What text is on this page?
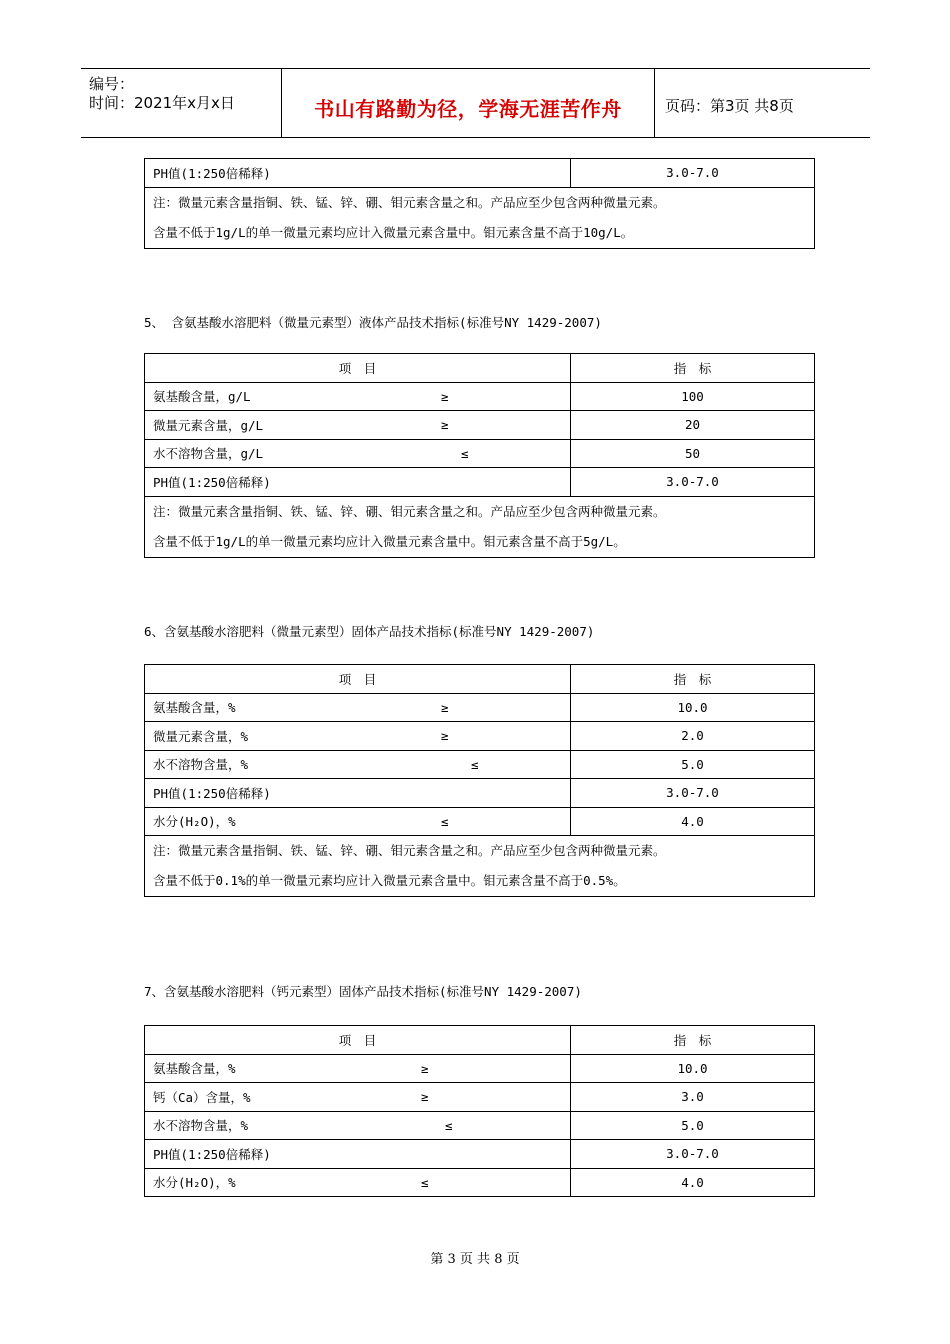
编号：
时间：2021年x月x日	书山有路勤为径，学海无涯苦作舟	页码：第3页 共8页
PH值(1:250倍稀释)	3.0-7.0

注：微量元素含量指铜、铁、锰、锌、硼、钼元素含量之和。产品应至少包含两种微量元素。
含量不低于1g/L的单一微量元素均应计入微量元素含量中。钼元素含量不高于10g/L。
5、 含氨基酸水溶肥料（微量元素型）液体产品技术指标(标准号NY 1429-2007)
项　目	指　标
氨基酸含量，g/L ≥	100
微量元素含量，g/L ≥	20
水不溶物含量，g/L ≤	50
PH值(1:250倍稀释)	3.0-7.0

注：微量元素含量指铜、铁、锰、锌、硼、钼元素含量之和。产品应至少包含两种微量元素。
含量不低于1g/L的单一微量元素均应计入微量元素含量中。钼元素含量不高于5g/L。	
6、含氨基酸水溶肥料（微量元素型）固体产品技术指标(标准号NY 1429-2007)
项　目	指　标
氨基酸含量，% ≥	10.0
微量元素含量，% ≥	2.0
水不溶物含量，% ≤	5.0
PH值(1:250倍稀释)	3.0-7.0
水分(H₂O)，% ≤	4.0

注：微量元素含量指铜、铁、锰、锌、硼、钼元素含量之和。产品应至少包含两种微量元素。
含量不低于0.1%的单一微量元素均应计入微量元素含量中。钼元素含量不高于0.5%。	
7、含氨基酸水溶肥料（钙元素型）固体产品技术指标(标准号NY 1429-2007)
项　目	指　标
氨基酸含量，% ≥	10.0
钙（Ca）含量，% ≥	3.0
水不溶物含量，% ≤	5.0
PH值(1:250倍稀释)	3.0-7.0
水分(H₂O)，% ≤	4.0
第 3 页 共 8 页
